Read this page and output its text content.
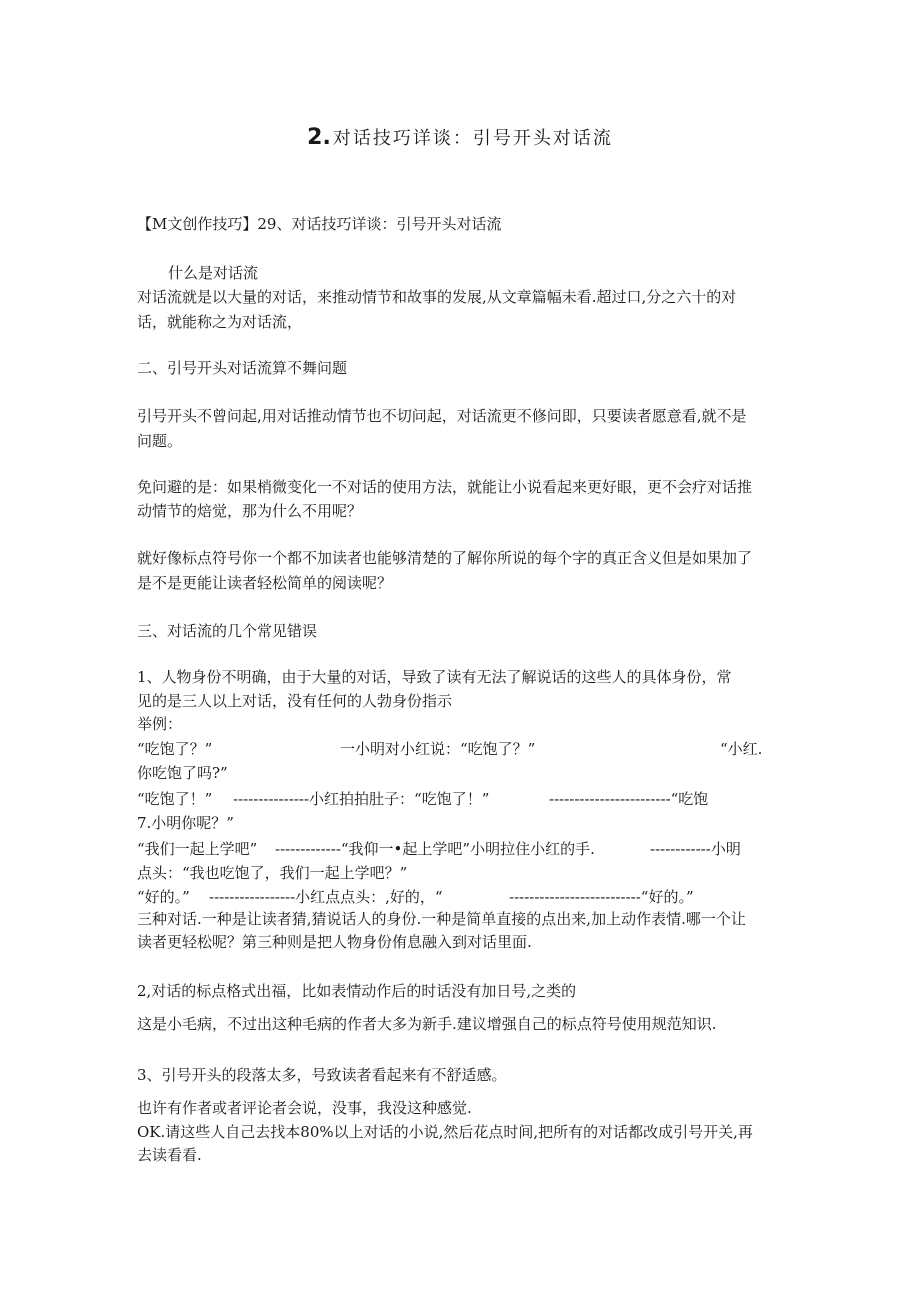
2. 对话技巧详谈：引号开头对话流
【M文创作技巧】29、对话技巧详谈：引号开头对话流
什么是对话流
对话流就是以大量的对话，来推动情节和故事的发展,从文章篇幅未看.超过口,分之六十的对
话，就能称之为对话流，
二、引号开头对话流算不舞问题
引号开头不曾问起,用对话推动情节也不切问起，对话流更不修问即，只要读者愿意看,就不是
问题。
免问避的是：如果梢微变化一不对话的使用方法，就能让小说看起来更好眼，更不会疗对话推
动情节的焙觉，那为什么不用呢？
就好像标点符号你一个都不加读者也能够清楚的了解你所说的每个字的真正含义但是如果加了
是不是更能让读者轻松简单的阅读呢？
三、对话流的几个常见错误
1、人物身份不明确，由于大量的对话，导致了读有无法了解说话的这些人的具体身份，常
见的是三人以上对话，没有任何的人勃身份指示
举例：
“吃饱了？”	一小明对小红说：“吃饱了？”	“小红.
你吃饱了吗?”
“吃饱了！” ---------------小红拍拍肚子：“吃饱了！”	------------------------“吃饱
7.小明你呢？”
“我们一起上学吧” -------------“我仰一•起上学吧”小明拉住小红的手.	------------小明
点头：“我也吃饱了，我们一起上学吧？”
“好的。” -----------------小红点点头：,好的，“	--------------------------“好的。”
三种对话.一种是让读者猜,猜说话人的身份.一种是简单直接的点出来,加上动作表情.哪一个让
读者更轻松呢？第三种则是把人物身份侑息融入到对话里面.
2,对话的标点格式出福，比如表情动作后的时话没有加日号,之类的
这是小毛病，不过出这种毛病的作者大多为新手.建议增强自己的标点符号使用规范知识.
3、引号开头的段落太多，号致读者看起来有不舒适感。
也许有作者或者评论者会说，没事，我没这种感觉.
OK.请这些人自己去找本80%以上对话的小说,然后花点时间,把所有的对话都改成引号开关,再
去读看看.
